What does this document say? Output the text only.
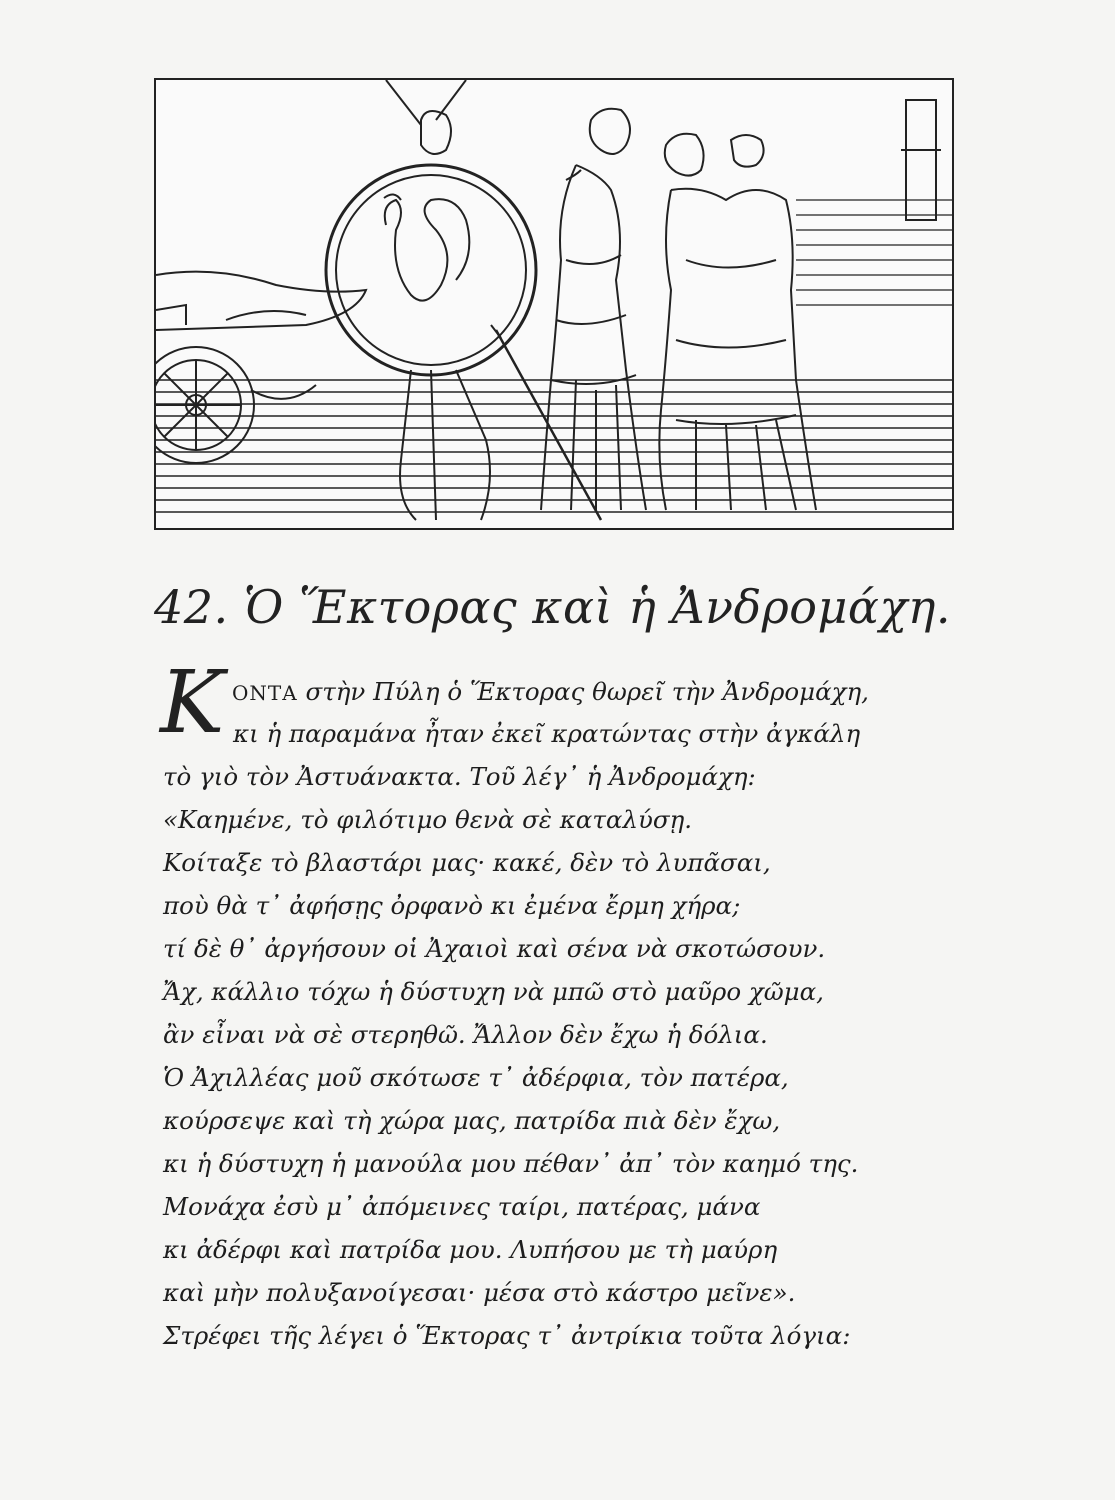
42. Ὁ Ἕκτορας καὶ ἡ Ἀνδρομάχη.
Κ ΟΝΤΑ στὴν Πύλη ὁ Ἕκτορας θωρεῖ τὴν Ἀνδρομάχη,
κι ἡ παραμάνα ἦταν ἐκεῖ κρατώντας στὴν ἀγκάλη
τὸ γιὸ τὸν Ἀστυάνακτα. Τοῦ λέγ᾽ ἡ Ἀνδρομάχη:
«Καημένε, τὸ φιλότιμο θενὰ σὲ καταλύσῃ.
Κοίταξε τὸ βλαστάρι μας· κακέ, δὲν τὸ λυπᾶσαι,
ποὺ θὰ τ᾽ ἀφήσῃς ὀρφανὸ κι ἐμένα ἔρμη χήρα;
τί δὲ θ᾽ ἀργήσουν οἱ Ἀχαιοὶ καὶ σένα νὰ σκοτώσουν.
Ἄχ, κάλλιο τόχω ἡ δύστυχη νὰ μπῶ στὸ μαῦρο χῶμα,
ἂν εἶναι νὰ σὲ στερηθῶ. Ἄλλον δὲν ἔχω ἡ δόλια.
Ὁ Ἀχιλλέας μοῦ σκότωσε τ᾽ ἀδέρφια, τὸν πατέρα,
κούρσεψε καὶ τὴ χώρα μας, πατρίδα πιὰ δὲν ἔχω,
κι ἡ δύστυχη ἡ μανούλα μου πέθαν᾽ ἀπ᾽ τὸν καημό της.
Μονάχα ἐσὺ μ᾽ ἀπόμεινες ταίρι, πατέρας, μάνα
κι ἀδέρφι καὶ πατρίδα μου. Λυπήσου με τὴ μαύρη
καὶ μὴν πολυξανοίγεσαι· μέσα στὸ κάστρο μεῖνε».
Στρέφει τῆς λέγει ὁ Ἕκτορας τ᾽ ἀντρίκια τοῦτα λόγια:
